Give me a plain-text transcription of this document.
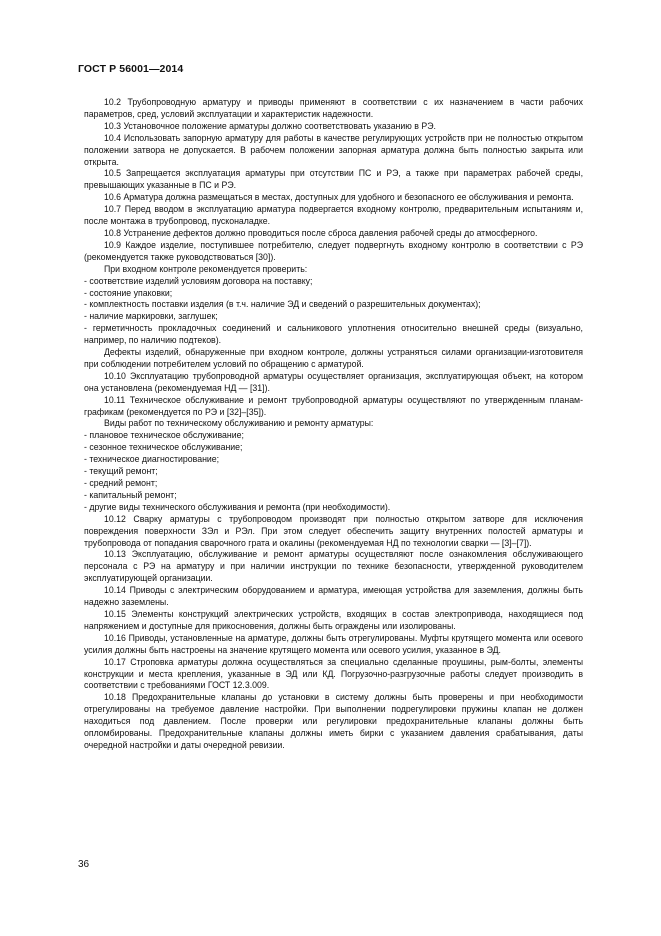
ГОСТ Р 56001—2014

10.2 Трубопроводную арматуру и приводы применяют в соответствии с их назначением в части рабочих параметров, сред, условий эксплуатации и характеристик надежности.

10.3 Установочное положение арматуры должно соответствовать указанию в РЭ.

10.4 Использовать запорную арматуру для работы в качестве регулирующих устройств при не полностью открытом положении затвора не допускается. В рабочем положении запорная арматура должна быть полностью закрыта или открыта.

10.5 Запрещается эксплуатация арматуры при отсутствии ПС и РЭ, а также при параметрах рабочей среды, превышающих указанные в ПС и РЭ.

10.6 Арматура должна размещаться в местах, доступных для удобного и безопасного ее обслуживания и ремонта.

10.7 Перед вводом в эксплуатацию арматура подвергается входному контролю, предварительным испытаниям и, после монтажа в трубопровод, пусконаладке.

10.8 Устранение дефектов должно проводиться после сброса давления рабочей среды до атмосферного.

10.9 Каждое изделие, поступившее потребителю, следует подвергнуть входному контролю в соответствии с РЭ (рекомендуется также руководствоваться [30]).

При входном контроле рекомендуется проверить:

- соответствие изделий условиям договора на поставку;

- состояние упаковки;

- комплектность поставки изделия (в т.ч. наличие ЭД и сведений о разрешительных документах);

- наличие маркировки, заглушек;

- герметичность прокладочных соединений и сальникового уплотнения относительно внешней среды (визуально, например, по наличию подтеков).

Дефекты изделий, обнаруженные при входном контроле, должны устраняться силами организации-изготовителя при соблюдении потребителем условий по обращению с арматурой.

10.10 Эксплуатацию трубопроводной арматуры осуществляет организация, эксплуатирующая объект, на котором она установлена (рекомендуемая НД — [31]).

10.11 Техническое обслуживание и ремонт трубопроводной арматуры осуществляют по утвержденным планам-графикам (рекомендуется по РЭ и [32]–[35]).

Виды работ по техническому обслуживанию и ремонту арматуры:

- плановое техническое обслуживание;

- сезонное техническое обслуживание;

- техническое диагностирование;

- текущий ремонт;

- средний ремонт;

- капитальный ремонт;

- другие виды технического обслуживания и ремонта (при необходимости).

10.12 Сварку арматуры с трубопроводом производят при полностью открытом затворе для исключения повреждения поверхности ЗЭл и РЭл. При этом следует обеспечить защиту внутренних полостей арматуры и трубопровода от попадания сварочного грата и окалины (рекомендуемая НД по технологии сварки — [3]–[7]).

10.13 Эксплуатацию, обслуживание и ремонт арматуры осуществляют после ознакомления обслуживающего персонала с РЭ на арматуру и при наличии инструкции по технике безопасности, утвержденной руководителем эксплуатирующей организации.

10.14 Приводы с электрическим оборудованием и арматура, имеющая устройства для заземления, должны быть надежно заземлены.

10.15 Элементы конструкций электрических устройств, входящих в состав электропривода, находящиеся под напряжением и доступные для прикосновения, должны быть ограждены или изолированы.

10.16 Приводы, установленные на арматуре, должны быть отрегулированы. Муфты крутящего момента или осевого усилия должны быть настроены на значение крутящего момента или осевого усилия, указанное в ЭД.

10.17 Строповка арматуры должна осуществляться за специально сделанные проушины, рым-болты, элементы конструкции и места крепления, указанные в ЭД или КД. Погрузочно-разгрузочные работы следует производить в соответствии с требованиями ГОСТ 12.3.009.

10.18 Предохранительные клапаны до установки в систему должны быть проверены и при необходимости отрегулированы на требуемое давление настройки. При выполнении подрегулировки пружины клапан не должен находиться под давлением. После проверки или регулировки предохранительные клапаны должны быть опломбированы. Предохранительные клапаны должны иметь бирки с указанием давления срабатывания, даты очередной настройки и даты очередной ревизии.

36
